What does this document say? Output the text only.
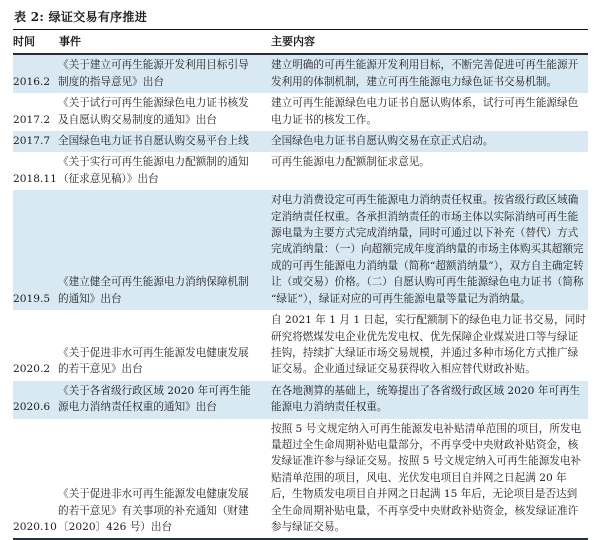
表 2: 绿证交易有序推进
时间	事件	主要内容
2016.2	《关于建立可再生能源开发利用目标引导制度的指导意见》出台	建立明确的可再生能源开发利用目标，不断完善促进可再生能源开发利用的体制机制，建立可再生能源电力绿色证书交易机制。
2017.2	《关于试行可再生能源绿色电力证书核发及自愿认购交易制度的通知》出台	建立可再生能源绿色电力证书自愿认购体系，试行可再生能源绿色电力证书的核发工作。
2017.7	全国绿色电力证书自愿认购交易平台上线	全国绿色电力证书自愿认购交易在京正式启动。
2018.11	《关于实行可再生能源电力配额制的通知（征求意见稿）》出台	可再生能源电力配额制征求意见。
2019.5	《建立健全可再生能源电力消纳保障机制的通知》出台	对电力消费设定可再生能源电力消纳责任权重。按省级行政区域确定消纳责任权重。各承担消纳责任的市场主体以实际消纳可再生能源电量为主要方式完成消纳量，同时可通过以下补充（替代）方式完成消纳量：（一）向超额完成年度消纳量的市场主体购买其超额完成的可再生能源电力消纳量（简称“超额消纳量”），双方自主确定转让（或交易）价格。（二）自愿认购可再生能源绿色电力证书（简称“绿证”），绿证对应的可再生能源电量等量记为消纳量。
2020.2	《关于促进非水可再生能源发电健康发展的若干意见》出台	自 2021 年 1 月 1 日起，实行配额制下的绿色电力证书交易，同时研究将燃煤发电企业优先发电权、优先保障企业煤炭进口等与绿证挂钩，持续扩大绿证市场交易规模，并通过多种市场化方式推广绿证交易。企业通过绿证交易获得收入相应替代财政补贴。
2020.6	《关于各省级行政区域 2020 年可再生能源电力消纳责任权重的通知》出台	在各地测算的基础上，统筹提出了各省级行政区域 2020 年可再生能源电力消纳责任权重。
2020.10	《关于促进非水可再生能源发电健康发展的若干意见》有关事项的补充通知（财建〔2020〕426 号）出台	按照 5 号文规定纳入可再生能源发电补贴清单范围的项目，所发电量超过全生命周期补贴电量部分，不再享受中央财政补贴资金，核发绿证准许参与绿证交易。按照 5 号文规定纳入可再生能源发电补贴清单范围的项目，风电、光伏发电项目自并网之日起满 20 年后，生物质发电项目自并网之日起满 15 年后，无论项目是否达到全生命周期补贴电量，不再享受中央财政补贴资金，核发绿证准许参与绿证交易。
